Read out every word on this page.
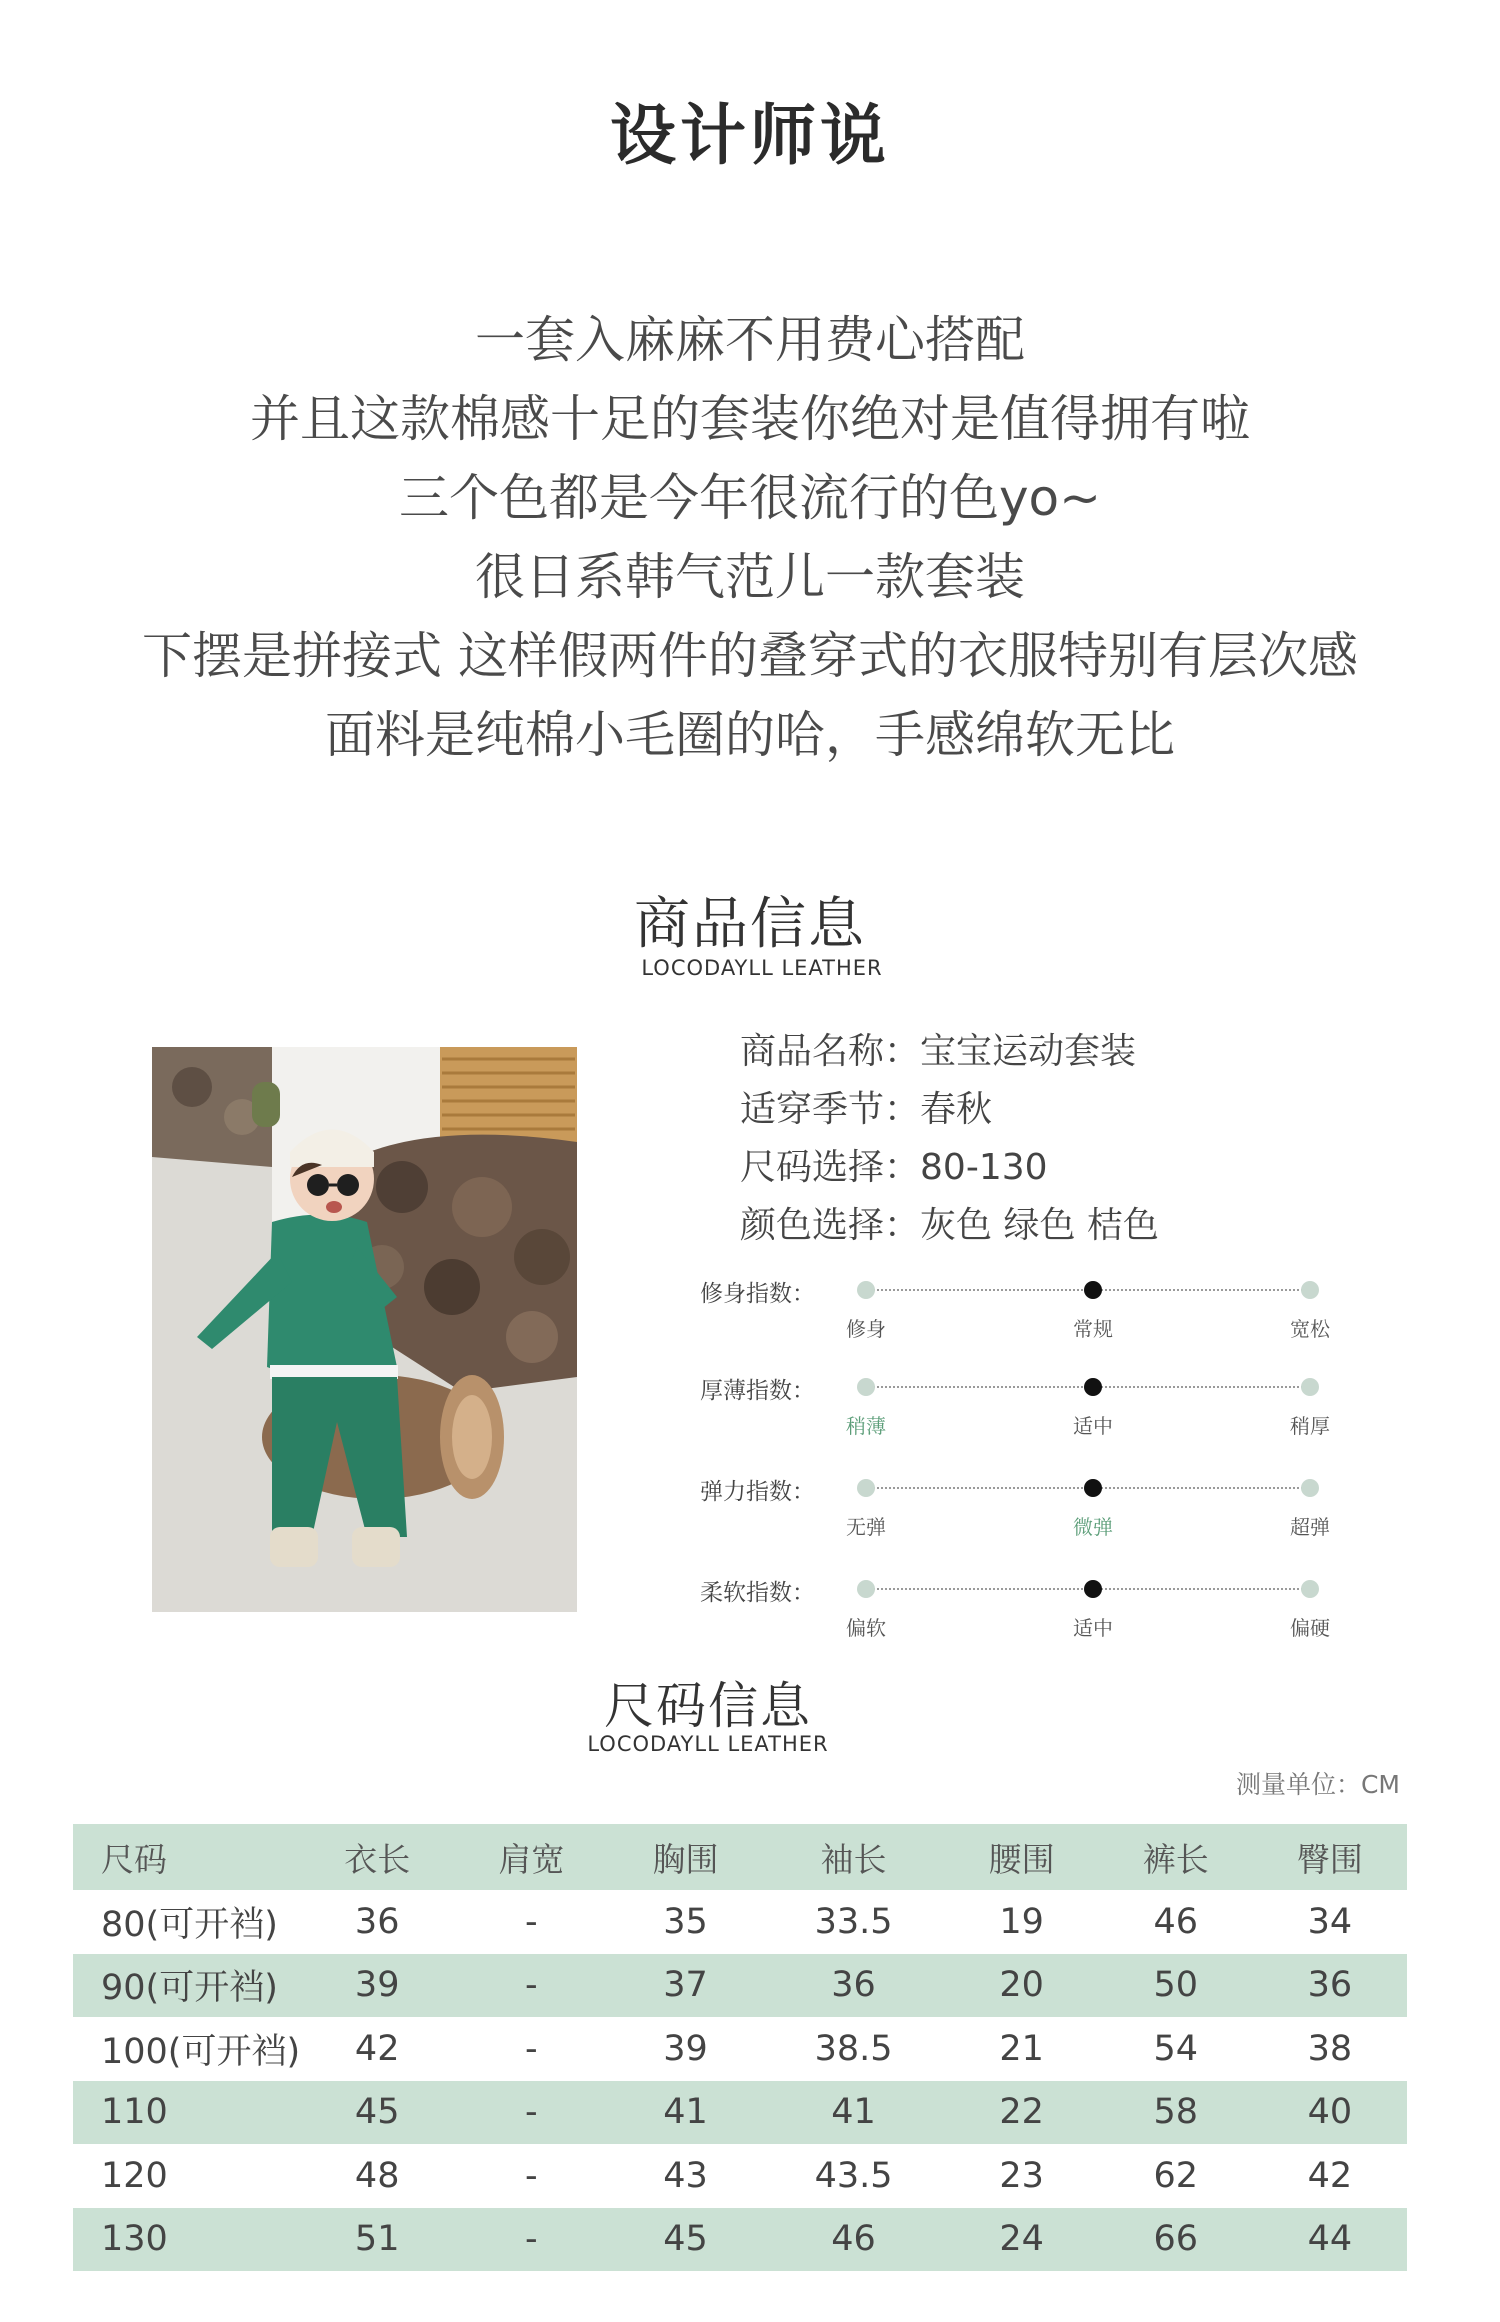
设计师说
一套入麻麻不用费心搭配
并且这款棉感十足的套装你绝对是值得拥有啦
三个色都是今年很流行的色yo~
很日系韩气范儿一款套装
下摆是拼接式 这样假两件的叠穿式的衣服特别有层次感
面料是纯棉小毛圈的哈，手感绵软无比
商品信息
LOCODAYLL LEATHER
商品名称：宝宝运动套装
适穿季节：春秋
尺码选择：80-130
颜色选择：灰色 绿色 桔色
修身指数：
修身	常规	宽松
厚薄指数：
稍薄	适中	稍厚
弹力指数：
无弹	微弹	超弹
柔软指数：
偏软	适中	偏硬
尺码信息
LOCODAYLL LEATHER
测量单位：CM
尺码	衣长	肩宽	胸围	袖长	腰围	裤长	臀围
80(可开裆)	36	-	35	33.5	19	46	34
90(可开裆)	39	-	37	36	20	50	36
100(可开裆)	42	-	39	38.5	21	54	38
110	45	-	41	41	22	58	40
120	48	-	43	43.5	23	62	42
130	51	-	45	46	24	66	44
